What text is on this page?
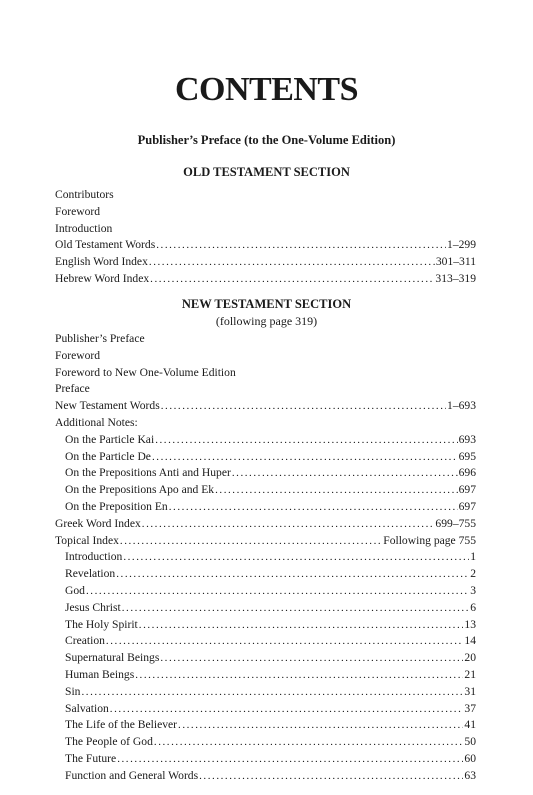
CONTENTS
Publisher’s Preface (to the One-Volume Edition)
OLD TESTAMENT SECTION
Contributors
Foreword
Introduction
Old Testament Words . . .	1–299
English Word Index . . .	301–311
Hebrew Word Index . . .	313–319
NEW TESTAMENT SECTION
(following page 319)
Publisher’s Preface
Foreword
Foreword to New One-Volume Edition
Preface
New Testament Words . . .	1–693
Additional Notes:
On the Particle Kai . . .	693
On the Particle De . . .	695
On the Prepositions Anti and Huper . . .	696
On the Prepositions Apo and Ek . . .	697
On the Preposition En . . .	697
Greek Word Index . . .	699–755
Topical Index . . .	Following page 755
Introduction . . .	1
Revelation . . .	2
God . . .	3
Jesus Christ . . .	6
The Holy Spirit . . .	13
Creation . . .	14
Supernatural Beings . . .	20
Human Beings . . .	21
Sin . . .	31
Salvation . . .	37
The Life of the Believer . . .	41
The People of God . . .	50
The Future . . .	60
Function and General Words . . .	63
